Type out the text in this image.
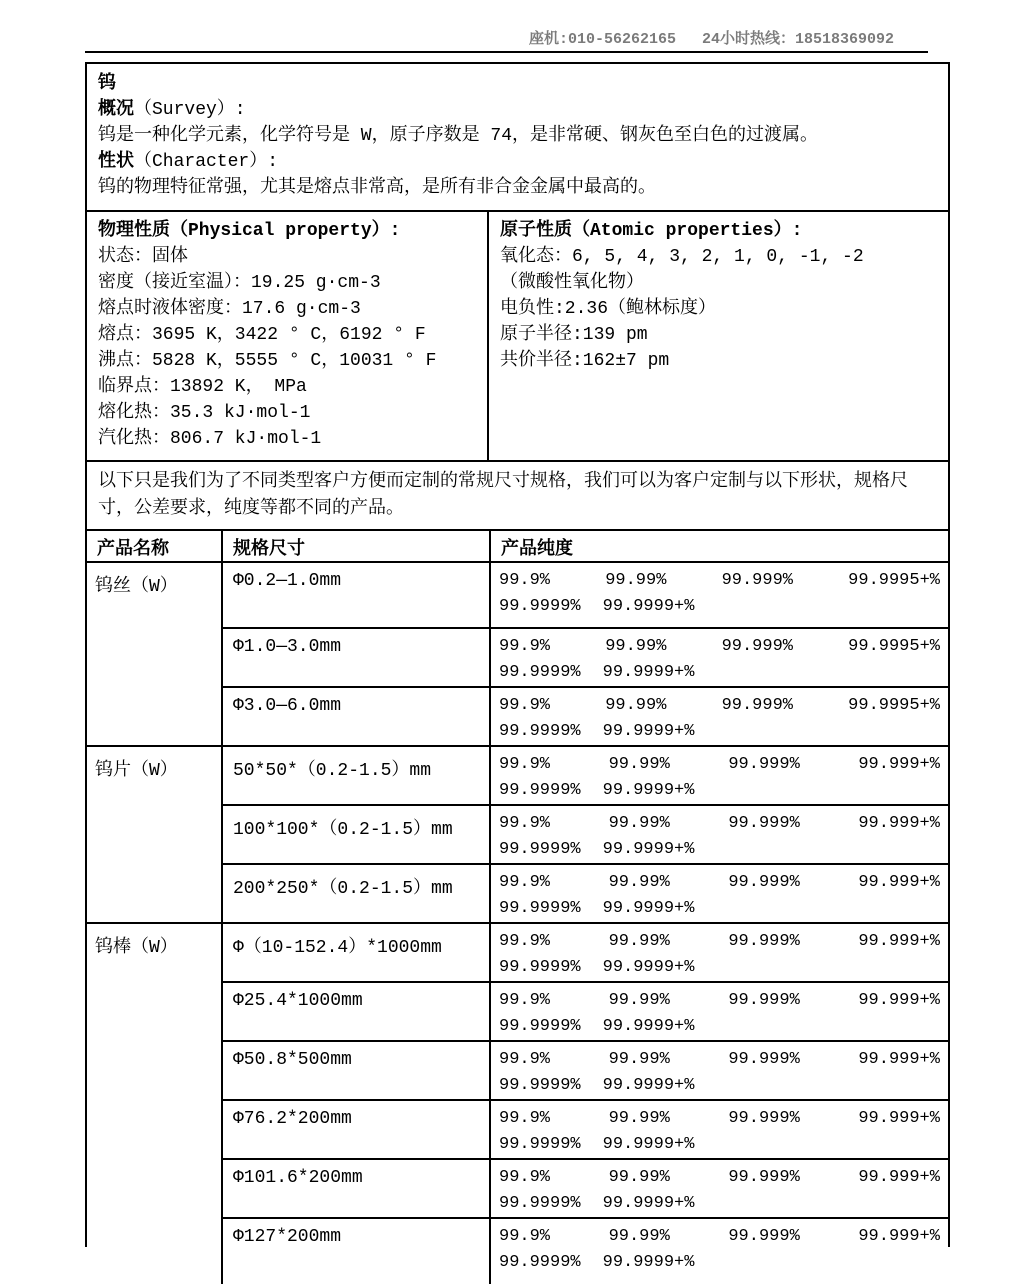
座机:010-56262165 24小时热线：18518369092
钨
概况（Survey）:
钨是一种化学元素，化学符号是 W，原子序数是 74，是非常硬、钢灰色至白色的过渡属。
性状（Character）:
钨的物理特征常强，尤其是熔点非常高，是所有非合金金属中最高的。
物理性质（Physical property）:
状态：固体
密度（接近室温）：19.25 g·cm-3
熔点时液体密度：17.6 g·cm-3
熔点：3695 K，3422 ° C，6192 ° F
沸点：5828 K，5555 ° C，10031 ° F
临界点：13892 K， MPa
熔化热：35.3 kJ·mol-1
汽化热：806.7 kJ·mol-1
原子性质（Atomic properties）:
氧化态：6, 5, 4, 3, 2, 1, 0, -1, -2
（微酸性氧化物）
电负性:2.36（鲍林标度）
原子半径:139 pm
共价半径:162±7 pm
以下只是我们为了不同类型客户方便而定制的常规尺寸规格，我们可以为客户定制与以下形状，规格尺寸，公差要求，纯度等都不同的产品。
产品名称	规格尺寸	产品纯度
钨丝（W）	Φ0.2—1.0mm	99.9%	99.99%	99.999%	99.9995+%
99.9999% 99.9999+%

Φ1.0—3.0mm	99.9%	99.99%	99.999%	99.9995+%
99.9999% 99.9999+%

Φ3.0—6.0mm	99.9%	99.99%	99.999%	99.9995+%
99.9999% 99.9999+%

钨片（W）	50*50*（0.2-1.5）mm	99.9%	99.99%	99.999%	99.999+%
99.9999% 99.9999+%

100*100*（0.2-1.5）mm	99.9%	99.99%	99.999%	99.999+%
99.9999% 99.9999+%

200*250*（0.2-1.5）mm	99.9%	99.99%	99.999%	99.999+%
99.9999% 99.9999+%

钨棒（W）	Φ（10-152.4）*1000mm	99.9%	99.99%	99.999%	99.999+%
99.9999% 99.9999+%

Φ25.4*1000mm	99.9%	99.99%	99.999%	99.999+%
99.9999% 99.9999+%

Φ50.8*500mm	99.9%	99.99%	99.999%	99.999+%
99.9999% 99.9999+%

Φ76.2*200mm	99.9%	99.99%	99.999%	99.999+%
99.9999% 99.9999+%

Φ101.6*200mm	99.9%	99.99%	99.999%	99.999+%
99.9999% 99.9999+%

Φ127*200mm	99.9%	99.99%	99.999%	99.999+%
99.9999% 99.9999+%
